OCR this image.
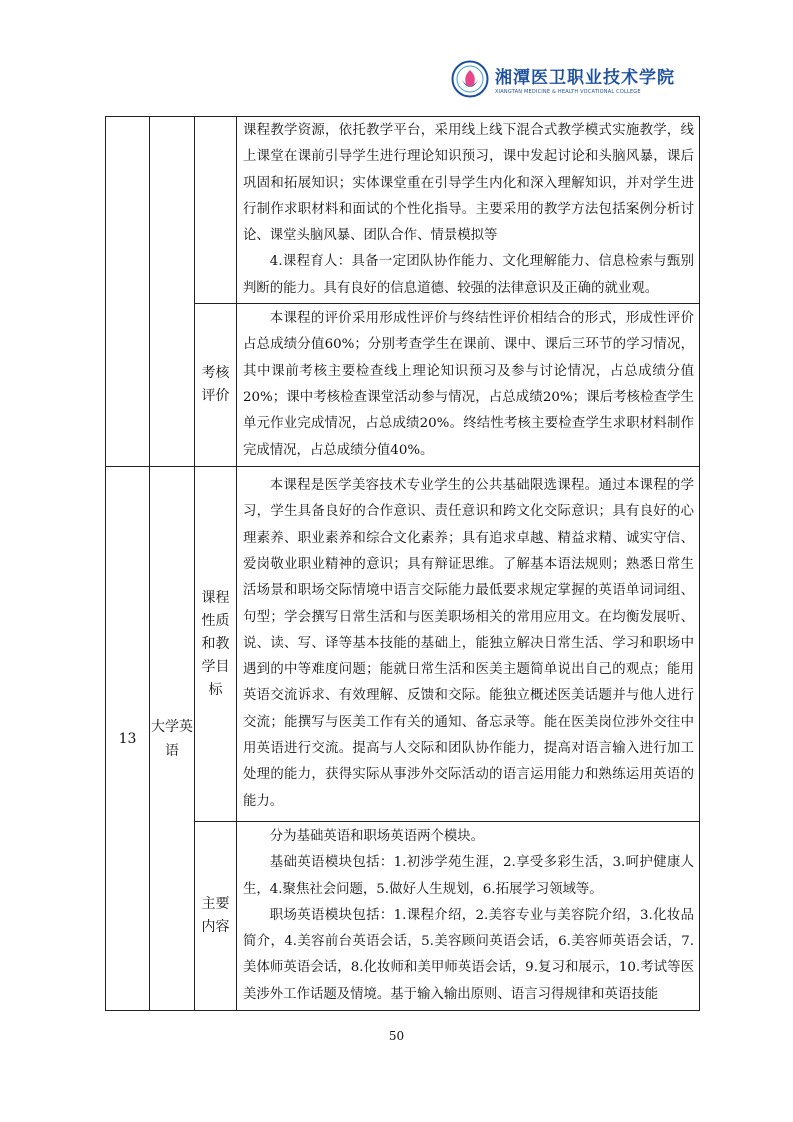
湘潭医卫职业技术学院
XIANGTAN MEDICINE & HEALTH VOCATIONAL COLLEGE

			课程教学资源，依托教学平台，采用线上线下混合式教学模式实施教学，线上课堂在课前引导学生进行理论知识预习，课中发起讨论和头脑风暴，课后巩固和拓展知识；实体课堂重在引导学生内化和深入理解知识，并对学生进行制作求职材料和面试的个性化指导。主要采用的教学方法包括案例分析讨论、课堂头脑风暴、团队合作、情景模拟等

4.课程育人：具备一定团队协作能力、文化理解能力、信息检索与甄别判断的能力。具有良好的信息道德、较强的法律意识及正确的就业观。

		考核评价	本课程的评价采用形成性评价与终结性评价相结合的形式，形成性评价占总成绩分值60%；分别考查学生在课前、课中、课后三环节的学习情况，其中课前考核主要检查线上理论知识预习及参与讨论情况，占总成绩分值20%；课中考核检查课堂活动参与情况，占总成绩20%；课后考核检查学生单元作业完成情况，占总成绩20%。终结性考核主要检查学生求职材料制作完成情况，占总成绩分值40%。

13	大学英语	课程性质和教学目标	本课程是医学美容技术专业学生的公共基础限选课程。通过本课程的学习，学生具备良好的合作意识、责任意识和跨文化交际意识；具有良好的心理素养、职业素养和综合文化素养；具有追求卓越、精益求精、诚实守信、爱岗敬业职业精神的意识；具有辩证思维。了解基本语法规则；熟悉日常生活场景和职场交际情境中语言交际能力最低要求规定掌握的英语单词词组、句型；学会撰写日常生活和与医美职场相关的常用应用文。在均衡发展听、说、读、写、译等基本技能的基础上，能独立解决日常生活、学习和职场中遇到的中等难度问题；能就日常生活和医美主题简单说出自己的观点；能用英语交流诉求、有效理解、反馈和交际。能独立概述医美话题并与他人进行交流；能撰写与医美工作有关的通知、备忘录等。能在医美岗位涉外交往中用英语进行交流。提高与人交际和团队协作能力，提高对语言输入进行加工处理的能力，获得实际从事涉外交际活动的语言运用能力和熟练运用英语的能力。

		主要内容	分为基础英语和职场英语两个模块。

基础英语模块包括：1.初涉学苑生涯，2.享受多彩生活，3.呵护健康人生，4.聚焦社会问题，5.做好人生规划，6.拓展学习领域等。

职场英语模块包括：1.课程介绍，2.美容专业与美容院介绍，3.化妆品简介，4.美容前台英语会话，5.美容顾问英语会话，6.美容师英语会话，7.美体师英语会话，8.化妆师和美甲师英语会话，9.复习和展示，10.考试等医美涉外工作话题及情境。基于输入输出原则、语言习得规律和英语技能

50
